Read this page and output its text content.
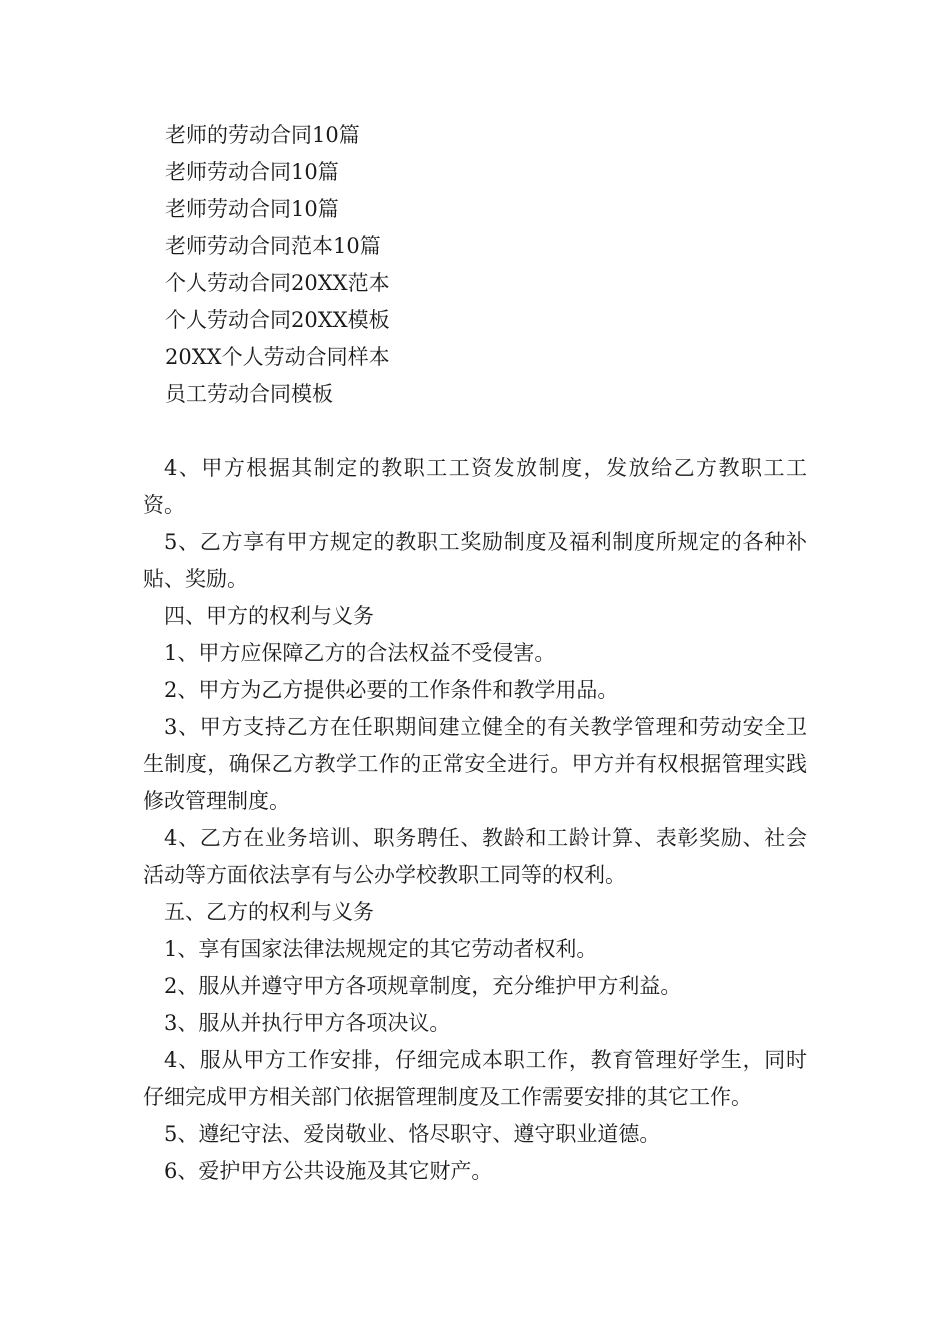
老师的劳动合同10篇
老师劳动合同10篇
老师劳动合同10篇
老师劳动合同范本10篇
个人劳动合同20XX范本
个人劳动合同20XX模板
20XX个人劳动合同样本
员工劳动合同模板

4、甲方根据其制定的教职工工资发放制度，发放给乙方教职工工资。

5、乙方享有甲方规定的教职工奖励制度及福利制度所规定的各种补贴、奖励。

四、甲方的权利与义务

1、甲方应保障乙方的合法权益不受侵害。

2、甲方为乙方提供必要的工作条件和教学用品。

3、甲方支持乙方在任职期间建立健全的有关教学管理和劳动安全卫生制度，确保乙方教学工作的正常安全进行。甲方并有权根据管理实践修改管理制度。

4、乙方在业务培训、职务聘任、教龄和工龄计算、表彰奖励、社会活动等方面依法享有与公办学校教职工同等的权利。

五、乙方的权利与义务

1、享有国家法律法规规定的其它劳动者权利。

2、服从并遵守甲方各项规章制度，充分维护甲方利益。

3、服从并执行甲方各项决议。

4、服从甲方工作安排，仔细完成本职工作，教育管理好学生，同时仔细完成甲方相关部门依据管理制度及工作需要安排的其它工作。

5、遵纪守法、爱岗敬业、恪尽职守、遵守职业道德。

6、爱护甲方公共设施及其它财产。
